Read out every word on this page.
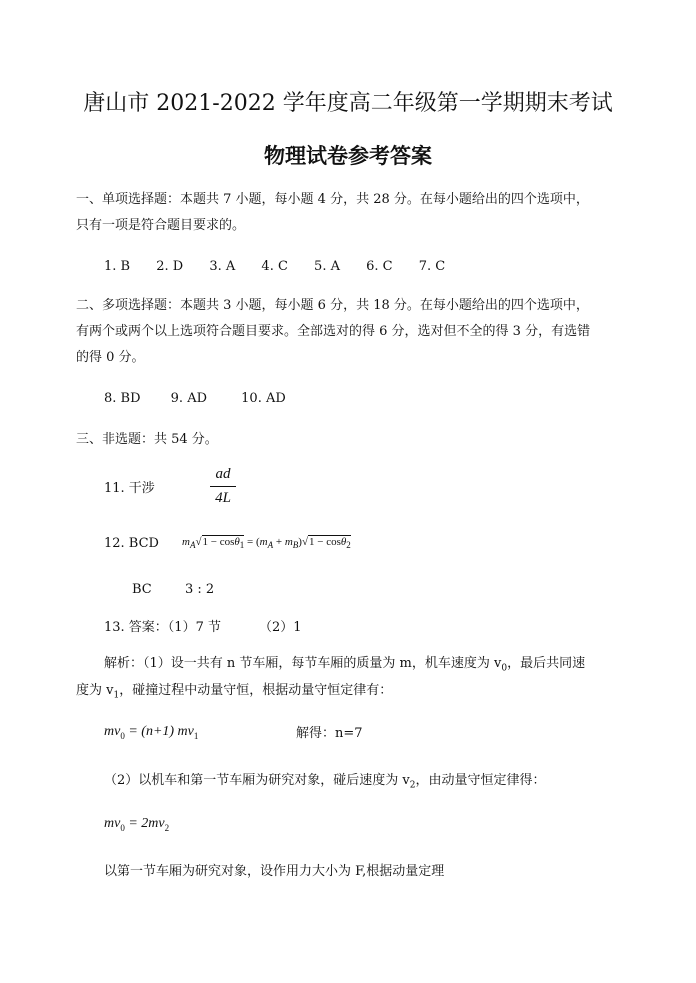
唐山市 2021-2022 学年度高二年级第一学期期末考试
物理试卷参考答案
一、单项选择题：本题共 7 小题，每小题 4 分，共 28 分。在每小题给出的四个选项中，
只有一项是符合题目要求的。
1. B 2. D 3. A 4. C 5. A 6. C 7. C
二、多项选择题：本题共 3 小题，每小题 6 分，共 18 分。在每小题给出的四个选项中，
有两个或两个以上选项符合题目要求。全部选对的得 6 分，选对但不全的得 3 分，有选错
的得 0 分。
8. BD 9. AD	10. AD
三、非选题：共 54 分。
11. 干涉
ad
4L
12. BCD $m_A√1 - \cos\theta_1 = (m_A + m_B)√1 - \cos\theta_2$
BC	3 : 2
13. 答案：（1）7 节	（2）1
解析：（1）设一共有 n 节车厢，每节车厢的质量为 m，机车速度为 $v_0$，最后共同速
度为 $v_1$，碰撞过程中动量守恒，根据动量守恒定律有：
$mv_0 = (n+1)$ $mv_1$	解得：n=7
（2）以机车和第一节车厢为研究对象，碰后速度为 $v_2$，由动量守恒定律得：
$mv_0 = 2mv_2$
以第一节车厢为研究对象，设作用力大小为 F,根据动量定理
